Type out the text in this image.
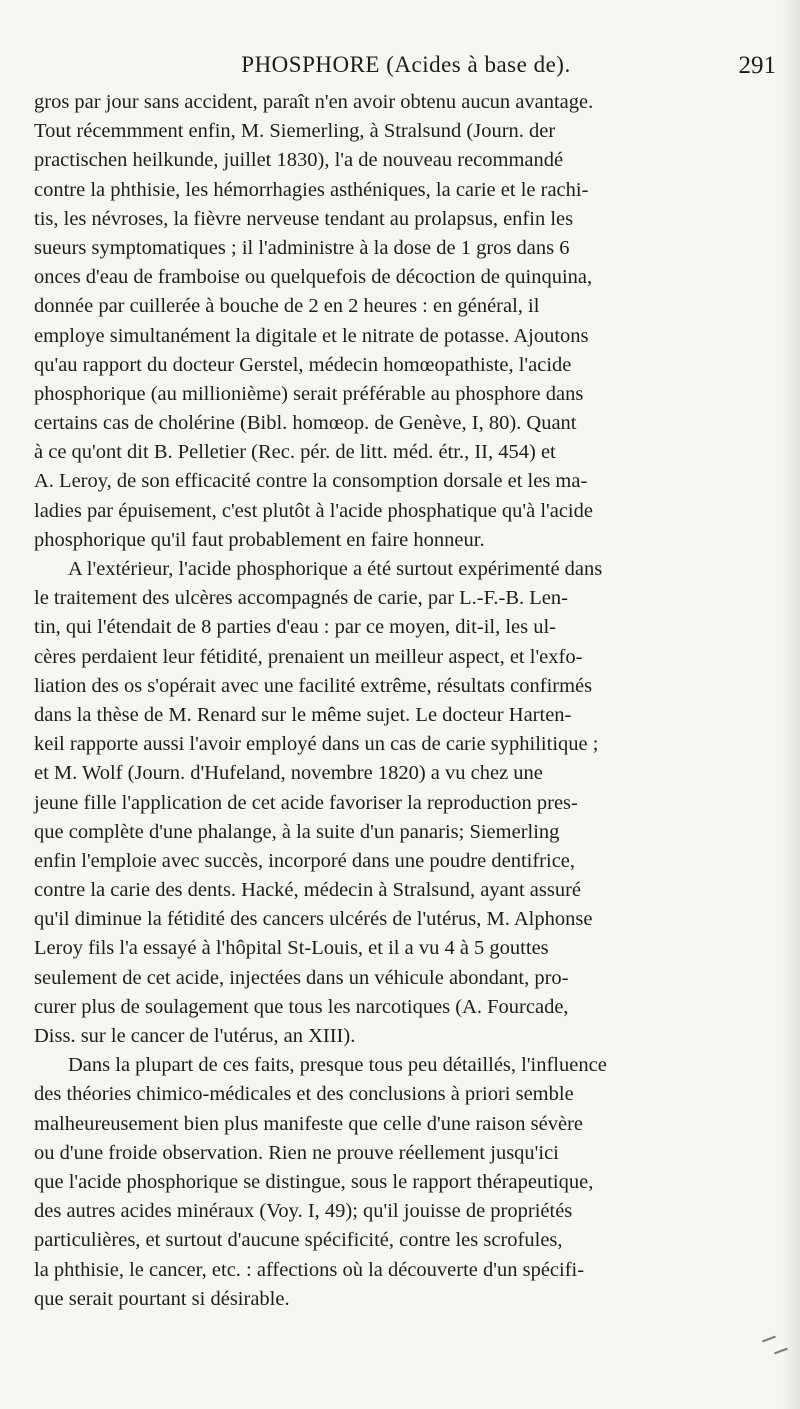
PHOSPHORE (Acides à base de).	291
gros par jour sans accident, paraît n'en avoir obtenu aucun avantage.
Tout récemmment enfin, M. Siemerling, à Stralsund (Journ. der
practischen heilkunde, juillet 1830), l'a de nouveau recommandé
contre la phthisie, les hémorrhagies asthéniques, la carie et le rachi-
tis, les névroses, la fièvre nerveuse tendant au prolapsus, enfin les
sueurs symptomatiques ; il l'administre à la dose de 1 gros dans 6
onces d'eau de framboise ou quelquefois de décoction de quinquina,
donnée par cuillerée à bouche de 2 en 2 heures : en général, il
employe simultanément la digitale et le nitrate de potasse. Ajoutons
qu'au rapport du docteur Gerstel, médecin homœopathiste, l'acide
phosphorique (au millionième) serait préférable au phosphore dans
certains cas de cholérine (Bibl. homœop. de Genève, I, 80). Quant
à ce qu'ont dit B. Pelletier (Rec. pér. de litt. méd. étr., II, 454) et
A. Leroy, de son efficacité contre la consomption dorsale et les ma-
ladies par épuisement, c'est plutôt à l'acide phosphatique qu'à l'acide
phosphorique qu'il faut probablement en faire honneur.
A l'extérieur, l'acide phosphorique a été surtout expérimenté dans
le traitement des ulcères accompagnés de carie, par L.-F.-B. Len-
tin, qui l'étendait de 8 parties d'eau : par ce moyen, dit-il, les ul-
cères perdaient leur fétidité, prenaient un meilleur aspect, et l'exfo-
liation des os s'opérait avec une facilité extrême, résultats confirmés
dans la thèse de M. Renard sur le même sujet. Le docteur Harten-
keil rapporte aussi l'avoir employé dans un cas de carie syphilitique ;
et M. Wolf (Journ. d'Hufeland, novembre 1820) a vu chez une
jeune fille l'application de cet acide favoriser la reproduction pres-
que complète d'une phalange, à la suite d'un panaris; Siemerling
enfin l'emploie avec succès, incorporé dans une poudre dentifrice,
contre la carie des dents. Hacké, médecin à Stralsund, ayant assuré
qu'il diminue la fétidité des cancers ulcérés de l'utérus, M. Alphonse
Leroy fils l'a essayé à l'hôpital St-Louis, et il a vu 4 à 5 gouttes
seulement de cet acide, injectées dans un véhicule abondant, pro-
curer plus de soulagement que tous les narcotiques (A. Fourcade,
Diss. sur le cancer de l'utérus, an XIII).
Dans la plupart de ces faits, presque tous peu détaillés, l'influence
des théories chimico-médicales et des conclusions à priori semble
malheureusement bien plus manifeste que celle d'une raison sévère
ou d'une froide observation. Rien ne prouve réellement jusqu'ici
que l'acide phosphorique se distingue, sous le rapport thérapeutique,
des autres acides minéraux (Voy. I, 49); qu'il jouisse de propriétés
particulières, et surtout d'aucune spécificité, contre les scrofules,
la phthisie, le cancer, etc. : affections où la découverte d'un spécifi-
que serait pourtant si désirable.
